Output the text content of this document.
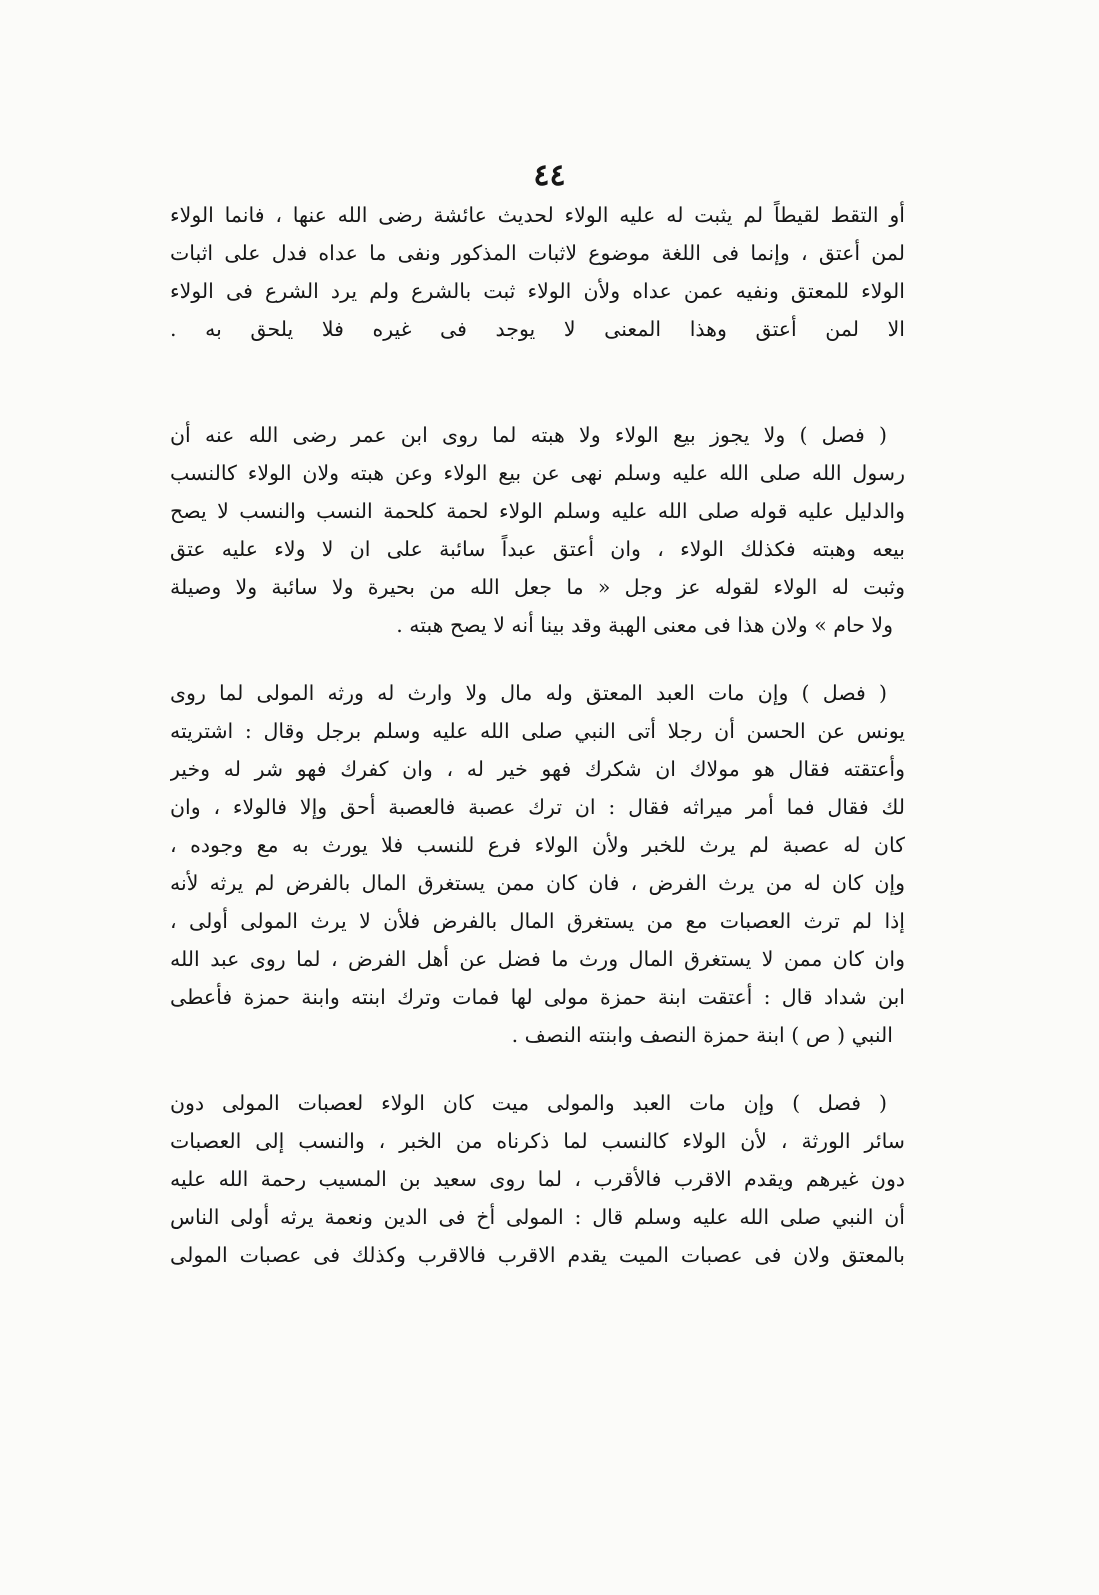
٤٤
أو التقط لقيطاً لم يثبت له عليه الولاء لحديث عائشة رضى الله عنها ، فانما الولاء
لمن أعتق ، وإنما فى اللغة موضوع لاثبات المذكور ونفى ما عداه فدل على اثبات
الولاء للمعتق ونفيه عمن عداه ولأن الولاء ثبت بالشرع ولم يرد الشرع فى الولاء
الا لمن أعتق وهذا المعنى لا يوجد فى غيره فلا يلحق به .
( فصل ) ولا يجوز بيع الولاء ولا هبته لما روى ابن عمر رضى الله عنه أن
رسول الله صلى الله عليه وسلم نهى عن بيع الولاء وعن هبته ولان الولاء كالنسب
والدليل عليه قوله صلى الله عليه وسلم الولاء لحمة كلحمة النسب والنسب لا يصح
بيعه وهبته فكذلك الولاء ، وان أعتق عبداً سائبة على ان لا ولاء عليه عتق
وثبت له الولاء لقوله عز وجل « ما جعل الله من بحيرة ولا سائبة ولا وصيلة
ولا حام » ولان هذا فى معنى الهبة وقد بينا أنه لا يصح هبته .
( فصل ) وإن مات العبد المعتق وله مال ولا وارث له ورثه المولى لما روى
يونس عن الحسن أن رجلا أتى النبي صلى الله عليه وسلم برجل وقال : اشتريته
وأعتقته فقال هو مولاك ان شكرك فهو خير له ، وان كفرك فهو شر له وخير
لك فقال فما أمر ميراثه فقال : ان ترك عصبة فالعصبة أحق وإلا فالولاء ، وان
كان له عصبة لم يرث للخبر ولأن الولاء فرع للنسب فلا يورث به مع وجوده ،
وإن كان له من يرث الفرض ، فان كان ممن يستغرق المال بالفرض لم يرثه لأنه
إذا لم ترث العصبات مع من يستغرق المال بالفرض فلأن لا يرث المولى أولى ،
وان كان ممن لا يستغرق المال ورث ما فضل عن أهل الفرض ، لما روى عبد الله
ابن شداد قال : أعتقت ابنة حمزة مولى لها فمات وترك ابنته وابنة حمزة فأعطى
النبي ( ص ) ابنة حمزة النصف وابنته النصف .
( فصل ) وإن مات العبد والمولى ميت كان الولاء لعصبات المولى دون
سائر الورثة ، لأن الولاء كالنسب لما ذكرناه من الخبر ، والنسب إلى العصبات
دون غيرهم ويقدم الاقرب فالأقرب ، لما روى سعيد بن المسيب رحمة الله عليه
أن النبي صلى الله عليه وسلم قال : المولى أخ فى الدين ونعمة يرثه أولى الناس
بالمعتق ولان فى عصبات الميت يقدم الاقرب فالاقرب وكذلك فى عصبات المولى
